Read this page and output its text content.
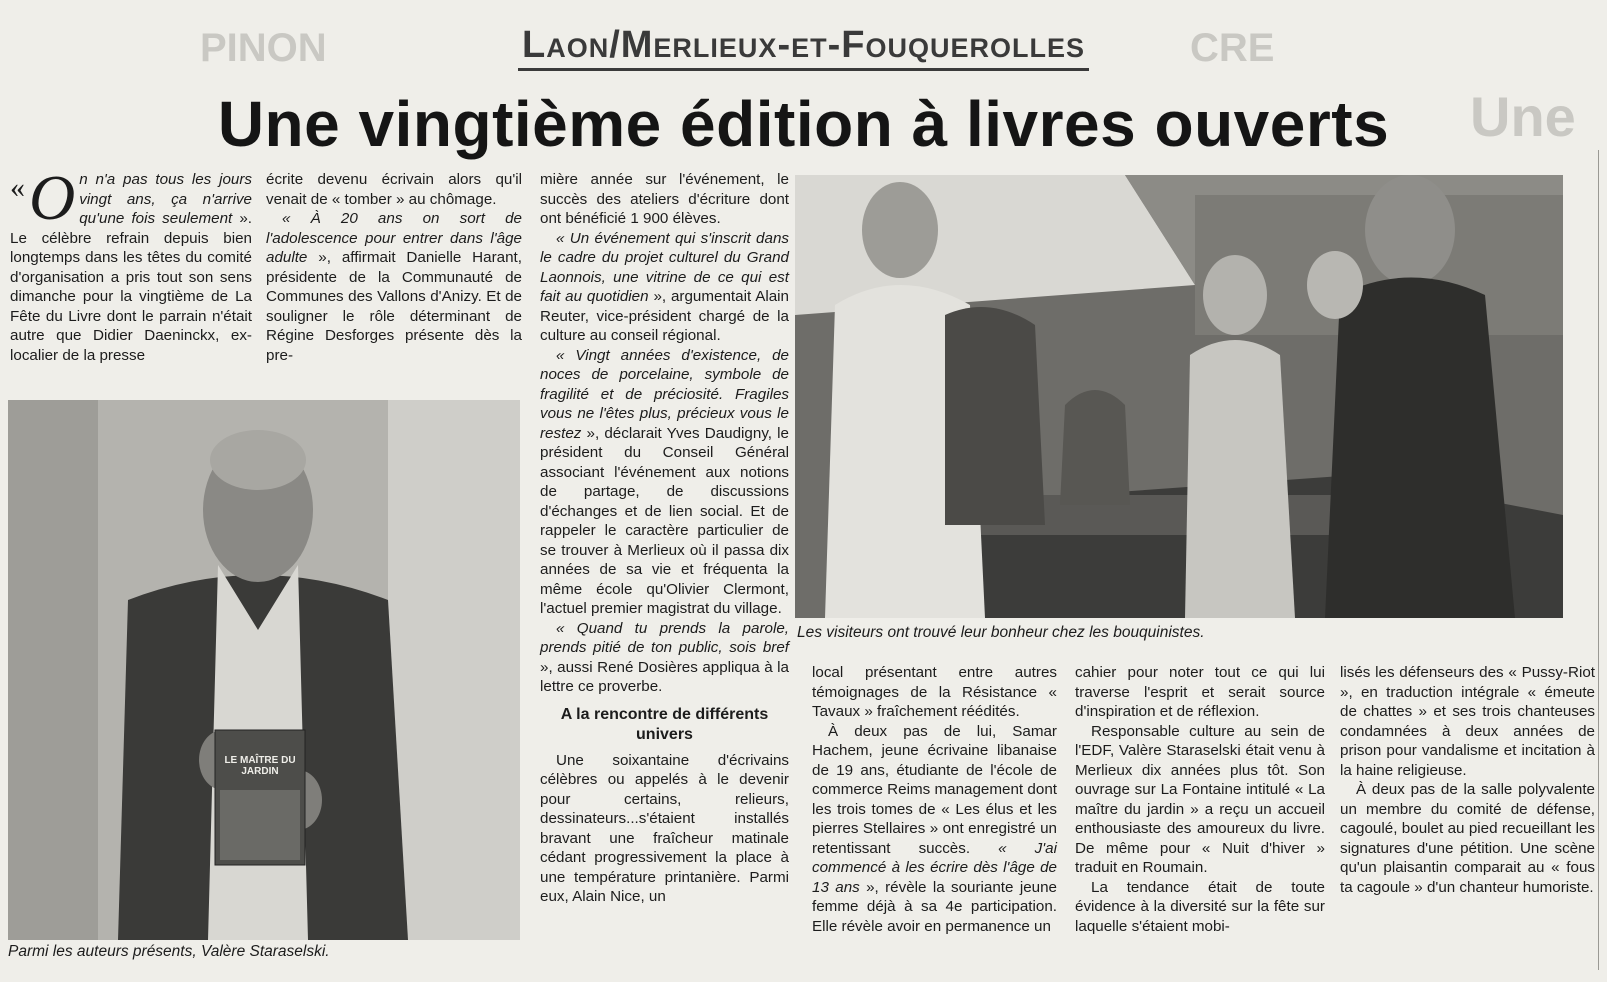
PINON	CRE
Une
Laon/Merlieux-et-Fouquerolles
Une vingtième édition à livres ouverts

« O n n'a pas tous les jours vingt ans, ça n'arrive qu'une fois seulement ». Le célèbre refrain depuis bien longtemps dans les têtes du comité d'organisation a pris tout son sens dimanche pour la vingtième de La Fête du Livre dont le parrain n'était autre que Didier Daeninckx, ex-localier de la presse

écrite devenu écrivain alors qu'il venait de « tomber » au chômage.

« À 20 ans on sort de l'adolescence pour entrer dans l'âge adulte », affirmait Danielle Harant, présidente de la Communauté de Communes des Vallons d'Anizy. Et de souligner le rôle déterminant de Régine Desforges présente dès la pre-

mière année sur l'événement, le succès des ateliers d'écriture dont ont bénéficié 1 900 élèves.

« Un événement qui s'inscrit dans le cadre du projet culturel du Grand Laonnois, une vitrine de ce qui est fait au quotidien », argumentait Alain Reuter, vice-président chargé de la culture au conseil régional.

« Vingt années d'existence, de noces de porcelaine, symbole de fragilité et de préciosité. Fragiles vous ne l'êtes plus, précieux vous le restez », déclarait Yves Daudigny, le président du Conseil Général associant l'événement aux notions de partage, de discussions d'échanges et de lien social. Et de rappeler le caractère particulier de se trouver à Merlieux où il passa dix années de sa vie et fréquenta la même école qu'Olivier Clermont, l'actuel premier magistrat du village.

« Quand tu prends la parole, prends pitié de ton public, sois bref », aussi René Dosières appliqua à la lettre ce proverbe.

A la rencontre de différents univers

Une soixantaine d'écrivains célèbres ou appelés à le devenir pour certains, relieurs, dessinateurs...s'étaient installés bravant une fraîcheur matinale cédant progressivement la place à une température printanière. Parmi eux, Alain Nice, un

LE MAÎTRE DU JARDIN
Parmi les auteurs présents, Valère Staraselski.
Les visiteurs ont trouvé leur bonheur chez les bouquinistes.

local présentant entre autres témoignages de la Résistance « Tavaux » fraîchement réédités.

À deux pas de lui, Samar Hachem, jeune écrivaine libanaise de 19 ans, étudiante de l'école de commerce Reims management dont les trois tomes de « Les élus et les pierres Stellaires » ont enregistré un retentissant succès. « J'ai commencé à les écrire dès l'âge de 13 ans », révèle la souriante jeune femme déjà à sa 4e participation. Elle révèle avoir en permanence un

cahier pour noter tout ce qui lui traverse l'esprit et serait source d'inspiration et de réflexion.

Responsable culture au sein de l'EDF, Valère Staraselski était venu à Merlieux dix années plus tôt. Son ouvrage sur La Fontaine intitulé « La maître du jardin » a reçu un accueil enthousiaste des amoureux du livre. De même pour « Nuit d'hiver » traduit en Roumain.

La tendance était de toute évidence à la diversité sur la fête sur laquelle s'étaient mobi-

lisés les défenseurs des « Pussy-Riot », en traduction intégrale « émeute de chattes » et ses trois chanteuses condamnées à deux années de prison pour vandalisme et incitation à la haine religieuse.

À deux pas de la salle polyvalente un membre du comité de défense, cagoulé, boulet au pied recueillant les signatures d'une pétition. Une scène qu'un plaisantin comparait au « fous ta cagoule » d'un chanteur humoriste.
